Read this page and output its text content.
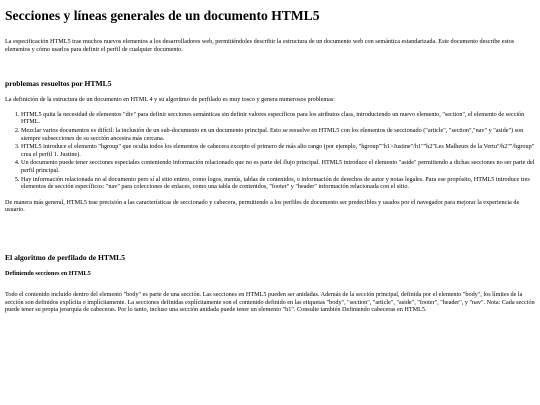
Secciones y líneas generales de un documento HTML5

La especificación HTML5 trae muchos nuevos elementos a los desarrolladores web, permitiéndoles describir la estructura de un documento web con semántica estandarizada. Este documento describe estos elementos y cómo usarlos para definir el perfil de cualquier documento.

problemas resueltos por HTML5

La definición de la estructura de un documento en HTML 4 y su algoritmo de perfilado es muy tosco y genera numerosos problemas:

1. HTML5 quita la necesidad de elementos "div" para definir secciones semánticas sin definir valores específicos para los atributos class, introduciendo un nuevo elemento, "section", el elemento de sección HTML.
2. Mezclar varios documentos es difícil: la inclusión de un sub-documento en un documento principal. Esto se resuelve en HTML5 con los elementos de seccionado ("article", "section","nav" y "aside") son siempre subsecciones de su sección ancestra más cercana.
3. HTML5 introduce el elemento "hgroup" que oculta todos los elementos de cabecera excepto el primero de más alto rango (por ejemplo, "hgroup""h1>Justine"/h1""h2"Les Malheurs de la Vertu"/h2""/hgroup" crea el perfil 1. Justine).
4. Un documento puede tener secciones especiales conteniendo información relacionado que no es parte del flujo principal. HTML5 introduce el elemento "aside" permitiendo a dichas secciones no ser parte del perfil principal.
5. Hay información relacionada no al documento pero sí al sitio entero, como logos, menús, tablas de contenidos, o información de derechos de autor y notas legales. Para ese propósito, HTML5 introduce tres elementos de sección específicos: "nav" para colecciones de enlaces, como una tabla de contenidos, "footer" y "header" información relacionada con el sitio.

De manera más general, HTML5 trae precisión a las características de seccionado y cabecera, permitiendo a los perfiles de documento ser predecibles y usados por el navegador para mejorar la experiencia de usuario.

El algoritmo de perfilado de HTML5
Definiendo secciones en HTML5

Todo el contenido incluido dentro del elemento "body" es parte de una sección. Las secciones en HTML5 pueden ser anidadas. Además de la sección principal, definida por el elemento "body", los límites de la sección son definidos explícita o implícitamente. La secciones definidas explícitamente son el contenido definido en las etiquetas "body", "section", "article", "aside", "footer", "header", y "nav". Nota: Cada sección puede tener su propia jerarquía de cabeceras. Por lo tanto, incluso una sección anidada puede tener un elemento "h1". Consulte también Definiendo cabeceras en HTML5.
